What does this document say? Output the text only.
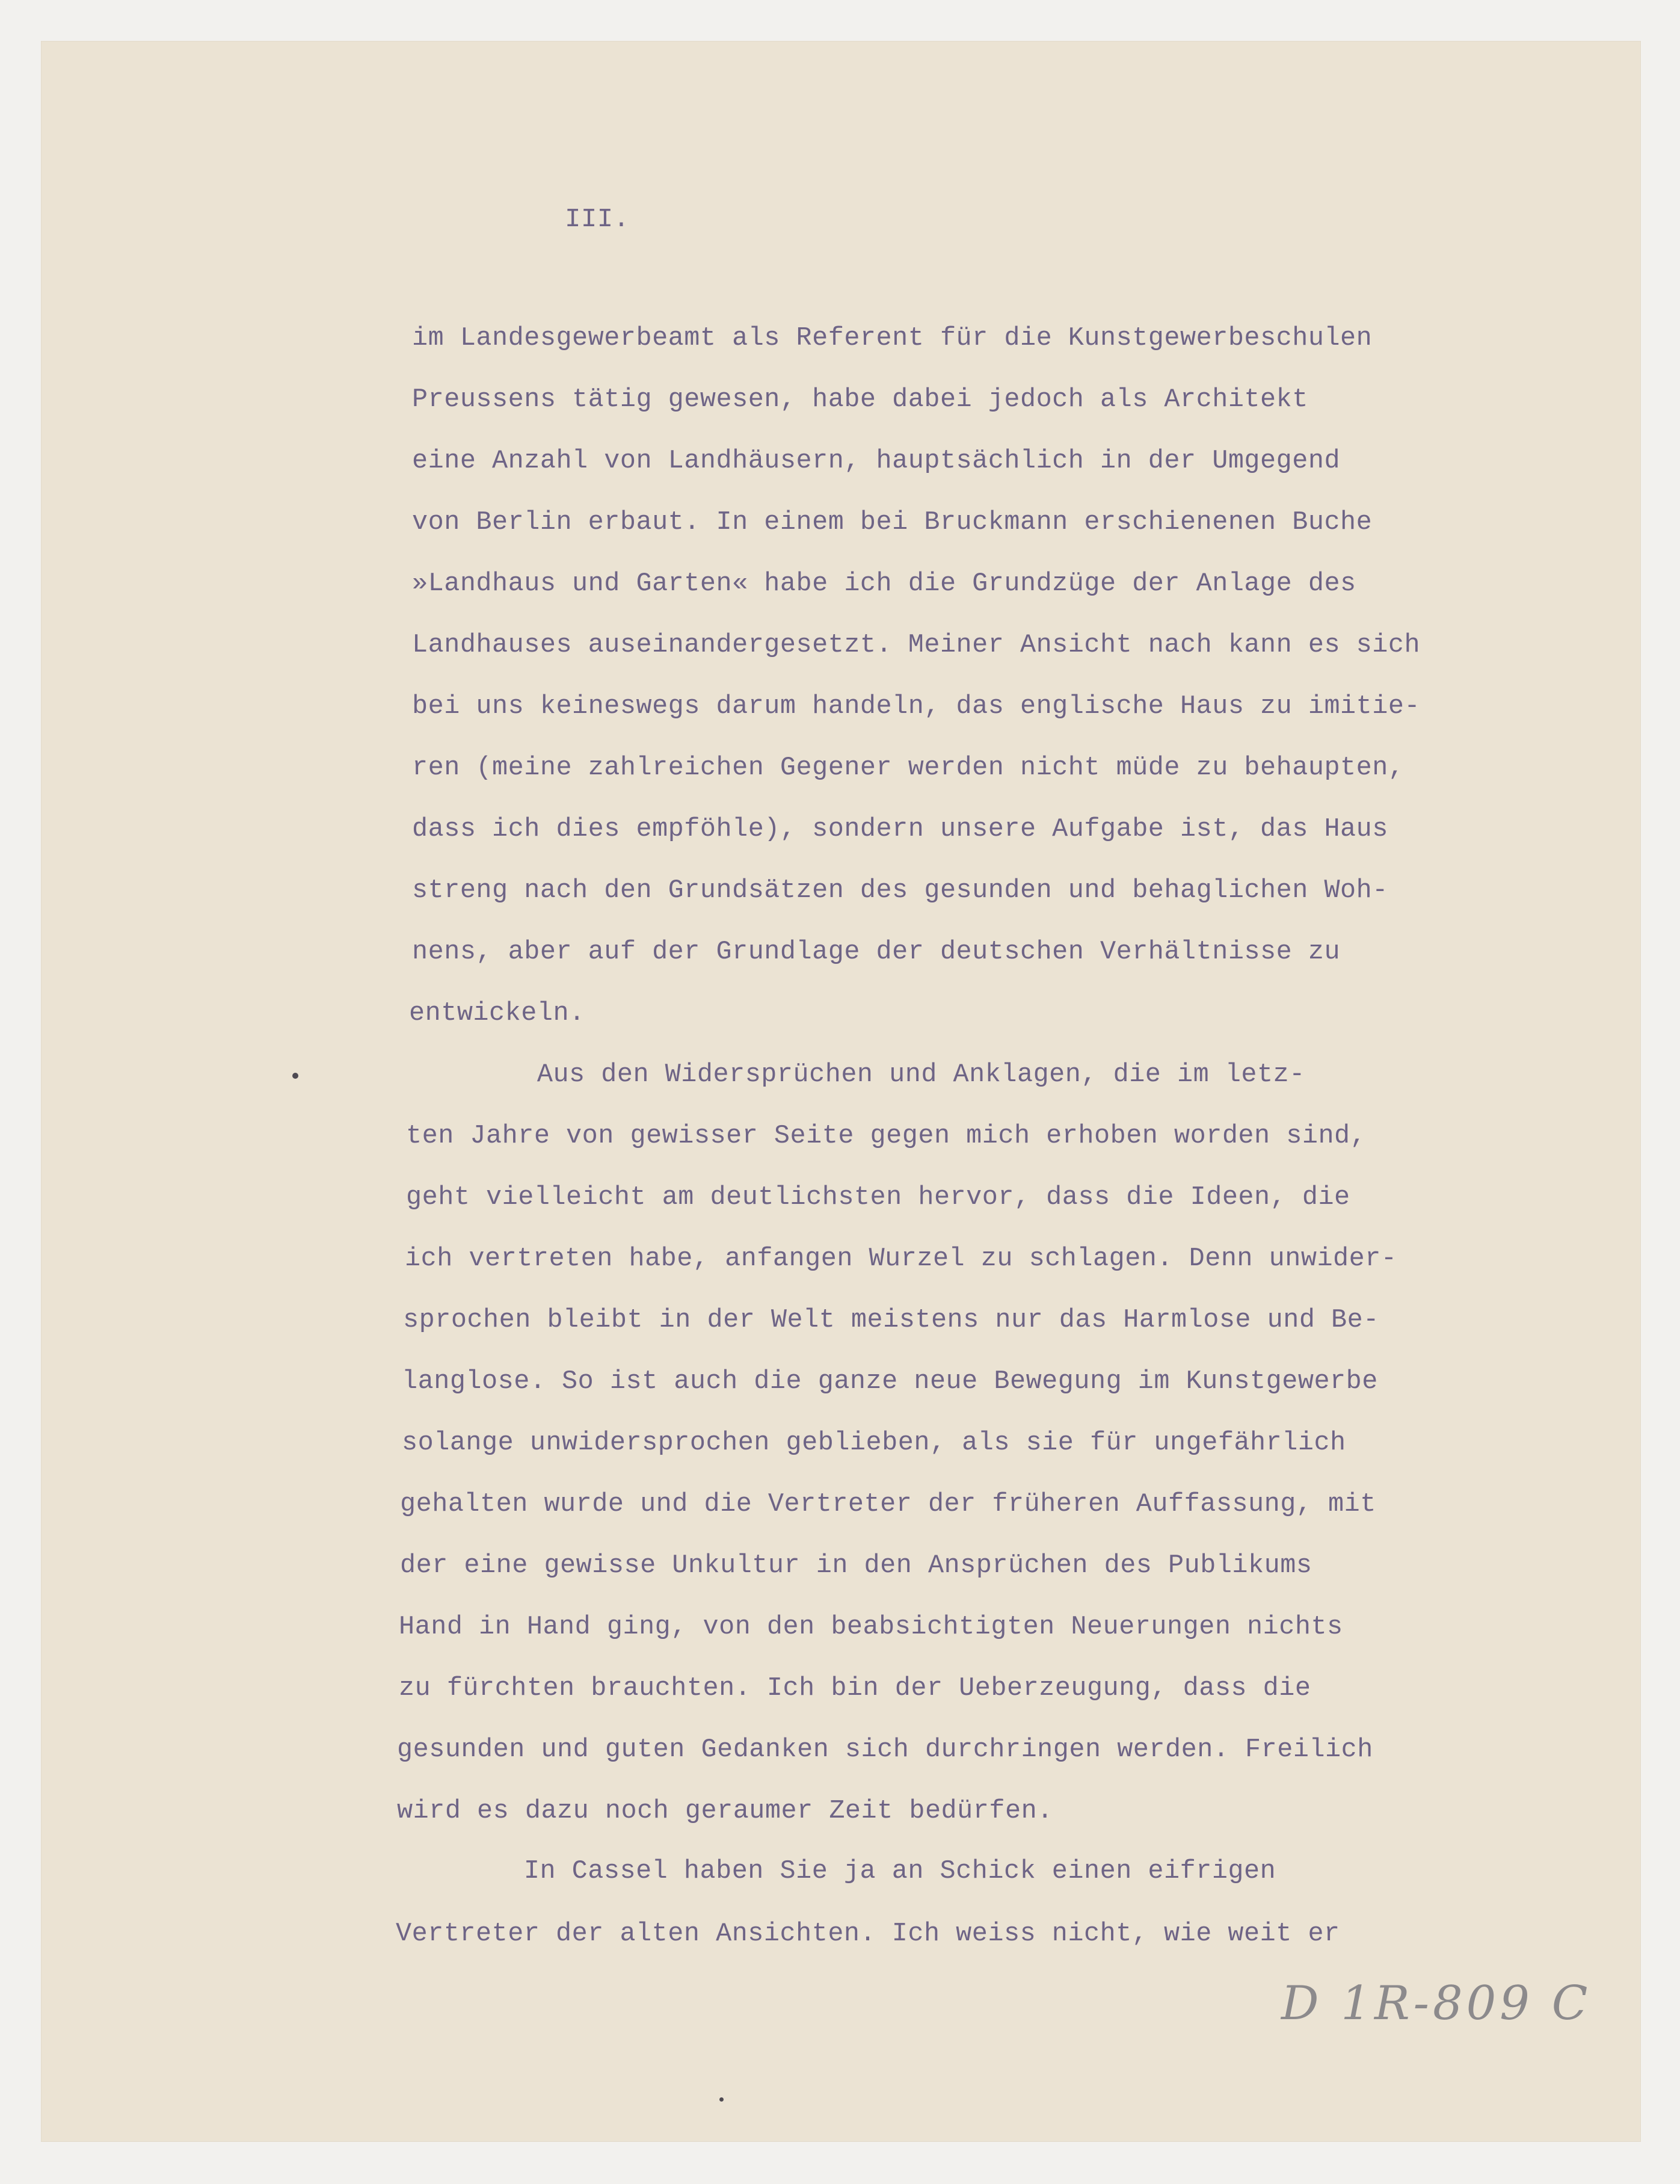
III.
im Landesgewerbeamt als Referent für die Kunstgewerbeschulen
Preussens tätig gewesen, habe dabei jedoch als Architekt
eine Anzahl von Landhäusern, hauptsächlich in der Umgegend
von Berlin erbaut. In einem bei Bruckmann erschienenen Buche
»Landhaus und Garten« habe ich die Grundzüge der Anlage des
Landhauses auseinandergesetzt. Meiner Ansicht nach kann es sich
bei uns keineswegs darum handeln, das englische Haus zu imitie-
ren (meine zahlreichen Gegener werden nicht müde zu behaupten,
dass ich dies empföhle), sondern unsere Aufgabe ist, das Haus
streng nach den Grundsätzen des gesunden und behaglichen Woh-
nens, aber auf der Grundlage der deutschen Verhältnisse zu
entwickeln.
Aus den Widersprüchen und Anklagen, die im letz-
ten Jahre von gewisser Seite gegen mich erhoben worden sind,
geht vielleicht am deutlichsten hervor, dass die Ideen, die
ich vertreten habe, anfangen Wurzel zu schlagen. Denn unwider-
sprochen bleibt in der Welt meistens nur das Harmlose und Be-
langlose. So ist auch die ganze neue Bewegung im Kunstgewerbe
solange unwidersprochen geblieben, als sie für ungefährlich
gehalten wurde und die Vertreter der früheren Auffassung, mit
der eine gewisse Unkultur in den Ansprüchen des Publikums
Hand in Hand ging, von den beabsichtigten Neuerungen nichts
zu fürchten brauchten. Ich bin der Ueberzeugung, dass die
gesunden und guten Gedanken sich durchringen werden. Freilich
wird es dazu noch geraumer Zeit bedürfen.
In Cassel haben Sie ja an Schick einen eifrigen
Vertreter der alten Ansichten. Ich weiss nicht, wie weit er
D 1R-809 C
